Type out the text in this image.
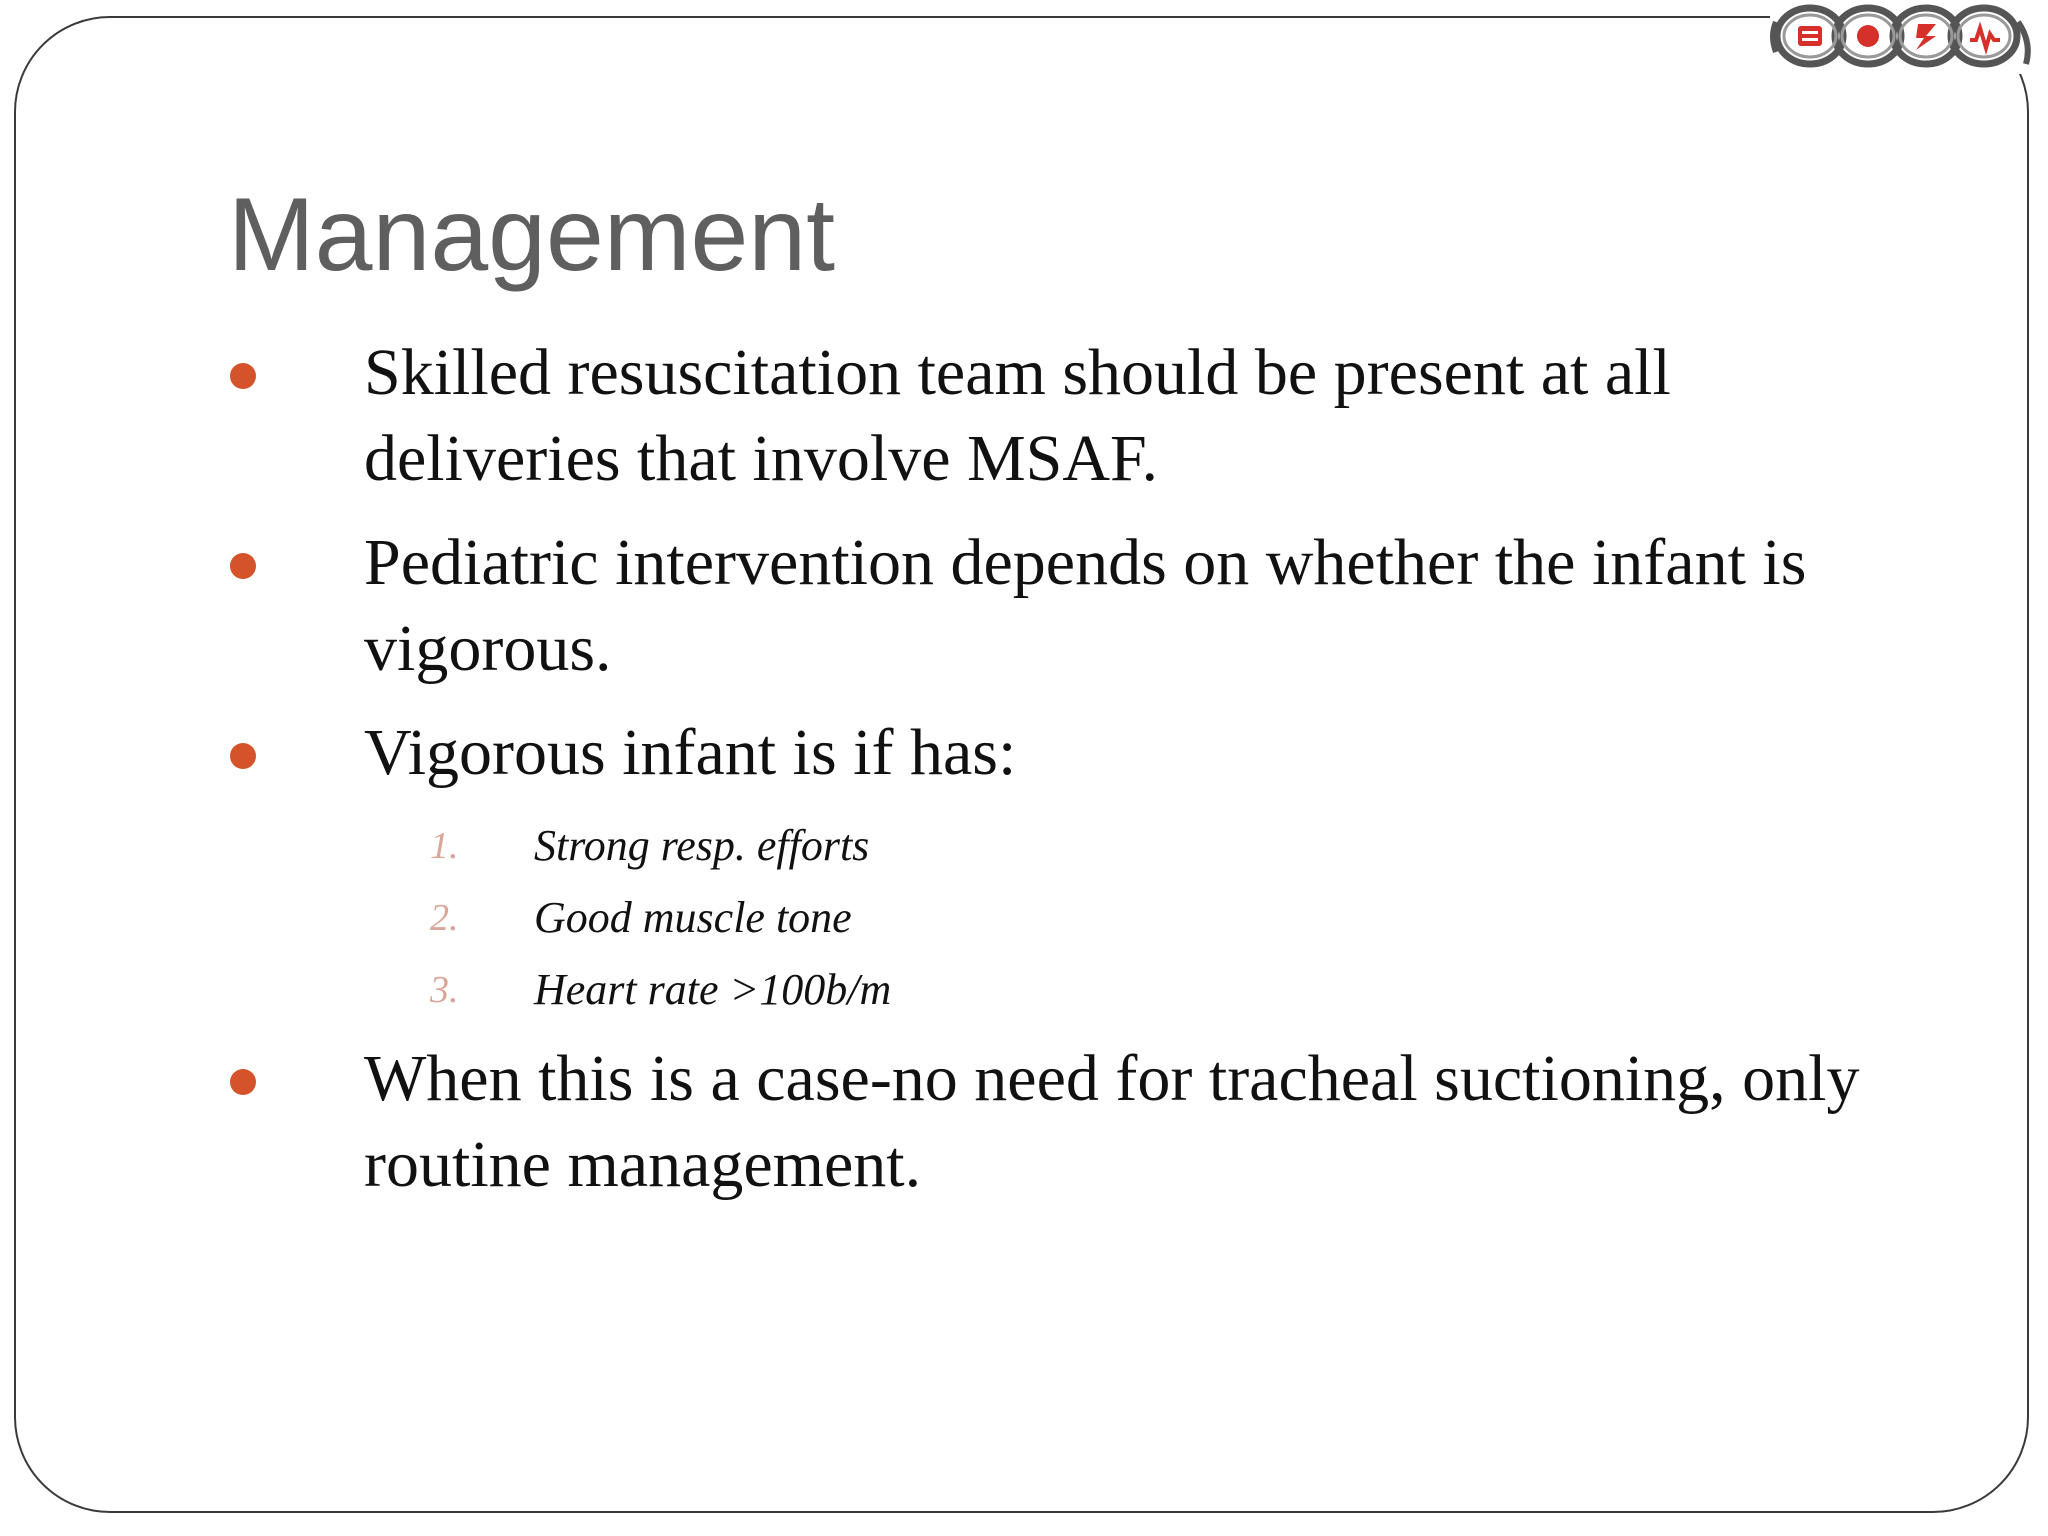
Management
Skilled resuscitation team should be present at all deliveries that involve MSAF.
Pediatric intervention depends on whether the infant is vigorous.
Vigorous infant is if has:
1. Strong resp. efforts
2. Good muscle tone
3. Heart rate >100b/m
When this is a case-no need for tracheal suctioning, only routine management.
